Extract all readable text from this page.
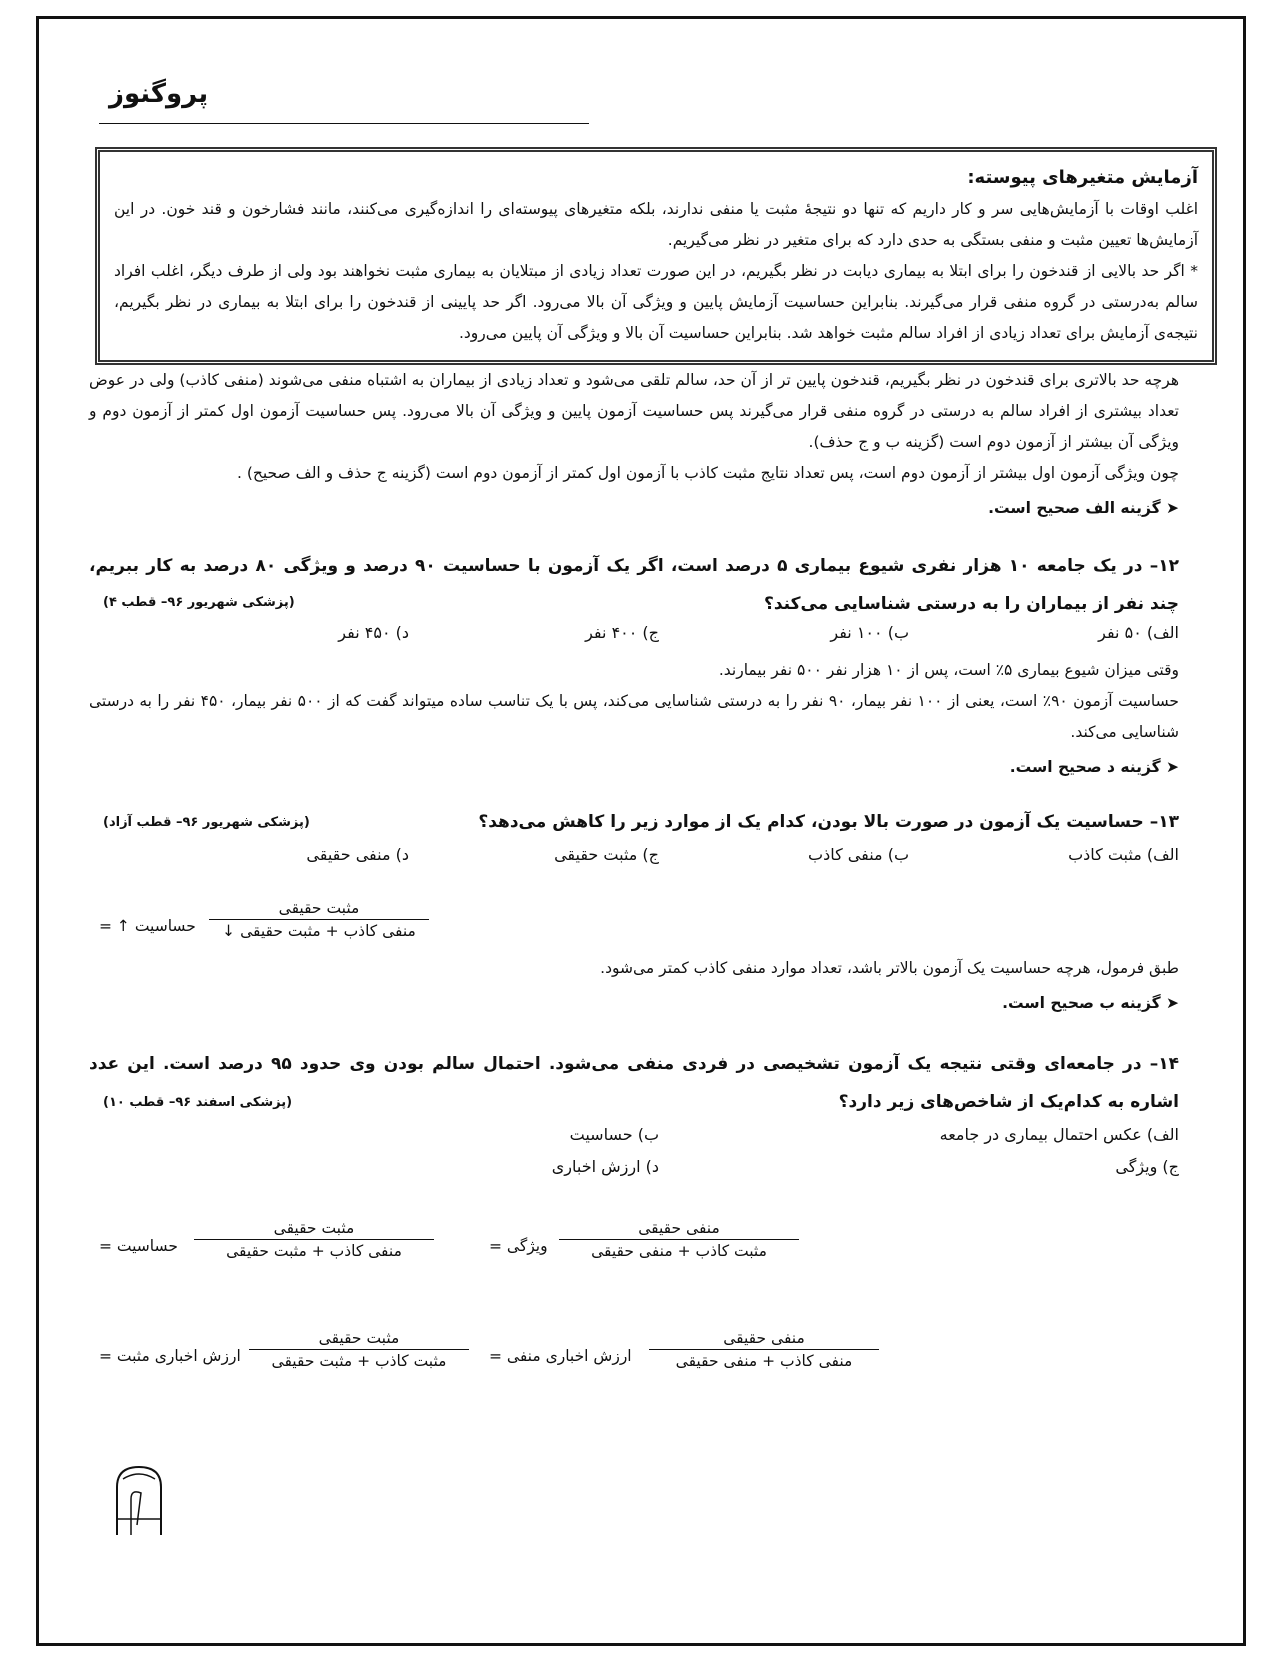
پروگنوز
آزمایش متغیرهای پیوسته:

اغلب اوقات با آزمایش‌هایی سر و کار داریم که تنها دو نتیجهٔ مثبت یا منفی ندارند، بلکه متغیرهای پیوسته‌ای را اندازه‌گیری می‌کنند، مانند فشارخون و قند خون. در این آزمایش‌ها تعیین مثبت و منفی بستگی به حدی دارد که برای متغیر در نظر می‌گیریم.

* اگر حد بالایی از قندخون را برای ابتلا به بیماری دیابت در نظر بگیریم، در این صورت تعداد زیادی از مبتلایان به بیماری مثبت نخواهند بود ولی از طرف دیگر، اغلب افراد سالم به‌درستی در گروه منفی قرار می‌گیرند. بنابراین حساسیت آزمایش پایین و ویژگی آن بالا می‌رود. اگر حد پایینی از قندخون را برای ابتلا به بیماری در نظر بگیریم، نتیجه‌ی آزمایش برای تعداد زیادی از افراد سالم مثبت خواهد شد. بنابراین حساسیت آن بالا و ویژگی آن پایین می‌رود.

هرچه حد بالاتری برای قندخون در نظر بگیریم، قندخون پایین تر از آن حد، سالم تلقی می‌شود و تعداد زیادی از بیماران به اشتباه منفی می‌شوند (منفی کاذب) ولی در عوض تعداد بیشتری از افراد سالم به درستی در گروه منفی قرار می‌گیرند پس حساسیت آزمون پایین و ویژگی آن بالا می‌رود. پس حساسیت آزمون اول کمتر از آزمون دوم و ویژگی آن بیشتر از آزمون دوم است (گزینه ب و ج حذف).

چون ویژگی آزمون اول بیشتر از آزمون دوم است، پس تعداد نتایج مثبت کاذب با آزمون اول کمتر از آزمون دوم است (گزینه ج حذف و الف صحیح) .

➤ گزینه الف صحیح است.

۱۲– در یک جامعه ۱۰ هزار نفری شیوع بیماری ۵ درصد است، اگر یک آزمون با حساسیت ۹۰ درصد و ویژگی ۸۰ درصد به کار ببریم، چند نفر از بیماران را به درستی شناسایی می‌کند؟
(پزشکی شهریور ۹۶– قطب ۴)
الف) ۵۰ نفر
ب) ۱۰۰ نفر
ج) ۴۰۰ نفر
د) ۴۵۰ نفر

وقتی میزان شیوع بیماری ۵٪ است، پس از ۱۰ هزار نفر ۵۰۰ نفر بیمارند.

حساسیت آزمون ۹۰٪ است، یعنی از ۱۰۰ نفر بیمار، ۹۰ نفر را به درستی شناسایی می‌کند، پس با یک تناسب ساده میتواند گفت که از ۵۰۰ نفر بیمار، ۴۵۰ نفر را به درستی شناسایی می‌کند.

➤ گزینه د صحیح است.

۱۳– حساسیت یک آزمون در صورت بالا بودن، کدام یک از موارد زیر را کاهش می‌دهد؟
(پزشکی شهریور ۹۶– قطب آزاد)
الف) مثبت کاذب
ب) منفی کاذب
ج) مثبت حقیقی
د) منفی حقیقی
حساسیت ↑ =
مثبت حقیقی
منفی کاذب + مثبت حقیقی ↓

طبق فرمول، هرچه حساسیت یک آزمون بالاتر باشد، تعداد موارد منفی کاذب کمتر می‌شود.

➤ گزینه ب صحیح است.

۱۴– در جامعه‌ای وقتی نتیجه یک آزمون تشخیصی در فردی منفی می‌شود. احتمال سالم بودن وی حدود ۹۵ درصد است. این عدد اشاره به کدام‌یک از شاخص‌های زیر دارد؟
(پزشکی اسفند ۹۶– قطب ۱۰)
الف) عکس احتمال بیماری در جامعه
ب) حساسیت
ج) ویژگی
د) ارزش اخباری
حساسیت =
مثبت حقیقی
منفی کاذب + مثبت حقیقی	ویژگی =
منفی حقیقی
مثبت کاذب + منفی حقیقی
ارزش اخباری مثبت =
مثبت حقیقی
مثبت کاذب + مثبت حقیقی	ارزش اخباری منفی =
منفی حقیقی
منفی کاذب + منفی حقیقی
